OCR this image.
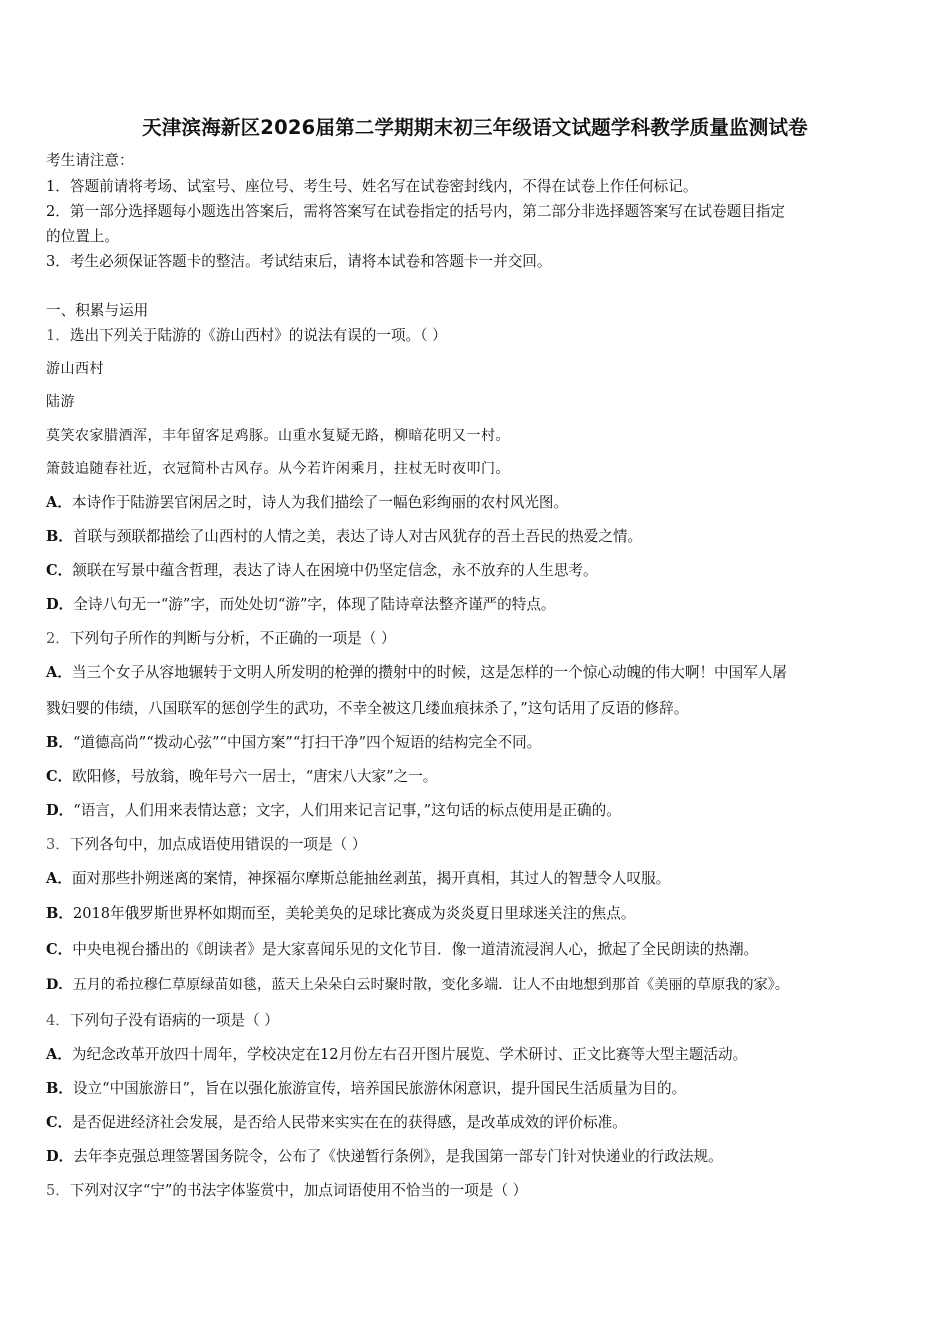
天津滨海新区2026届第二学期期末初三年级语文试题学科教学质量监测试卷
考生请注意：
1．答题前请将考场、试室号、座位号、考生号、姓名写在试卷密封线内，不得在试卷上作任何标记。
2．第一部分选择题每小题选出答案后，需将答案写在试卷指定的括号内，第二部分非选择题答案写在试卷题目指定
的位置上。
3．考生必须保证答题卡的整洁。考试结束后，请将本试卷和答题卡一并交回。
一、积累与运用
1．选出下列关于陆游的《游山西村》的说法有误的一项。（ ）
游山西村
陆游
莫笑农家腊酒浑，丰年留客足鸡豚。山重水复疑无路，柳暗花明又一村。
箫鼓追随春社近，衣冠简朴古风存。从今若许闲乘月，拄杖无时夜叩门。
A．本诗作于陆游罢官闲居之时，诗人为我们描绘了一幅色彩绚丽的农村风光图。
B．首联与颈联都描绘了山西村的人情之美，表达了诗人对古风犹存的吾土吾民的热爱之情。
C．颔联在写景中蕴含哲理，表达了诗人在困境中仍坚定信念，永不放弃的人生思考。
D．全诗八句无一“游”字，而处处切“游”字，体现了陆诗章法整齐谨严的特点。
2．下列句子所作的判断与分析，不正确的一项是（ ）
A．当三个女子从容地辗转于文明人所发明的枪弹的攒射中的时候，这是怎样的一个惊心动魄的伟大啊！中国军人屠
戮妇婴的伟绩，八国联军的惩创学生的武功，不幸全被这几缕血痕抹杀了，”这句话用了反语的修辞。
B．“道德高尚”“拨动心弦”“中国方案”“打扫干净”四个短语的结构完全不同。
C．欧阳修，号放翁，晚年号六一居士，“唐宋八大家”之一。
D．“语言，人们用来表情达意；文字，人们用来记言记事，”这句话的标点使用是正确的。
3．下列各句中，加点成语使用错误的一项是（ ）
A．面对那些扑朔迷离的案情，神探福尔摩斯总能抽丝剥茧，揭开真相，其过人的智慧令人叹服。
B．2018年俄罗斯世界杯如期而至，美轮美奂的足球比赛成为炎炎夏日里球迷关注的焦点。
C．中央电视台播出的《朗读者》是大家喜闻乐见的文化节目．像一道清流浸润人心，掀起了全民朗读的热潮。
D．五月的希拉穆仁草原绿苗如毯，蓝天上朵朵白云时聚时散，变化多端．让人不由地想到那首《美丽的草原我的家》。
4．下列句子没有语病的一项是（ ）
A．为纪念改革开放四十周年，学校决定在12月份左右召开图片展览、学术研讨、正文比赛等大型主题活动。
B．设立“中国旅游日”，旨在以强化旅游宣传，培养国民旅游休闲意识，提升国民生活质量为目的。
C．是否促进经济社会发展，是否给人民带来实实在在的获得感，是改革成效的评价标准。
D．去年李克强总理签署国务院令，公布了《快递暂行条例》，是我国第一部专门针对快递业的行政法规。
5．下列对汉字“宁”的书法字体鉴赏中，加点词语使用不恰当的一项是（ ）
